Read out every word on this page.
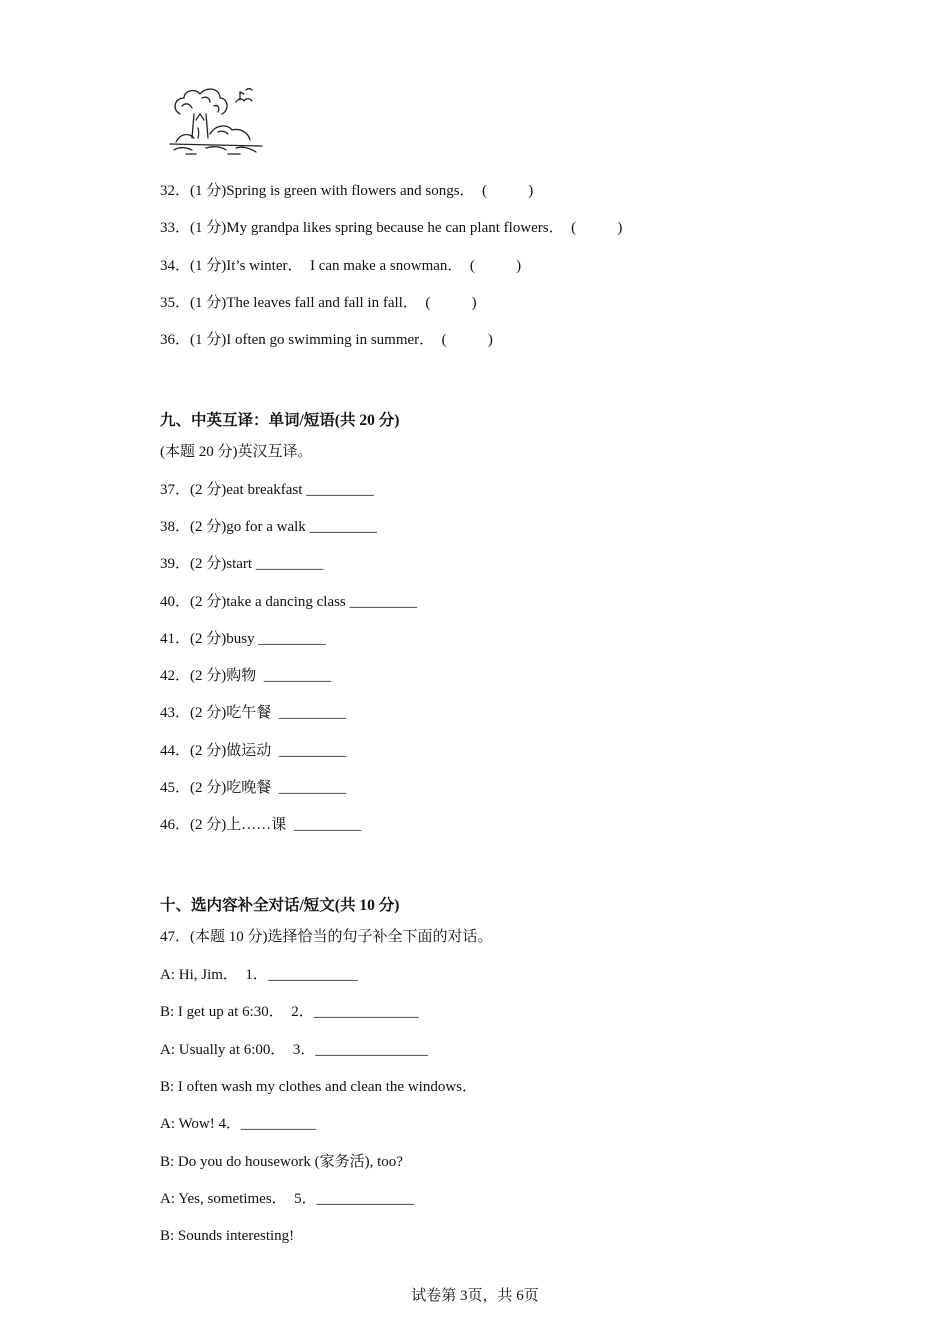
32．(1 分)Spring is green with flowers and songs．  (           )
33．(1 分)My grandpa likes spring because he can plant flowers．  (           )
34．(1 分)It’s winter．  I can make a snowman．  (           )
35．(1 分)The leaves fall and fall in fall．  (           )
36．(1 分)I often go swimming in summer．  (           )
九、中英互译：单词/短语(共 20 分)
(本题 20 分)英汉互译。
37．(2 分)eat breakfast _________
38．(2 分)go for a walk _________
39．(2 分)start _________
40．(2 分)take a dancing class _________
41．(2 分)busy _________
42．(2 分)购物  _________
43．(2 分)吃午餐  _________
44．(2 分)做运动  _________
45．(2 分)吃晚餐  _________
46．(2 分)上……课  _________
十、选内容补全对话/短文(共 10 分)
47．(本题 10 分)选择恰当的句子补全下面的对话。
A: Hi, Jim．  1．____________
B: I get up at 6:30．  2．______________
A: Usually at 6:00．  3．_______________
B: I often wash my clothes and clean the windows．
A: Wow! 4．__________
B: Do you do housework (家务活), too?
A: Yes, sometimes．  5．_____________
B: Sounds interesting!
试卷第 3页，共 6页
